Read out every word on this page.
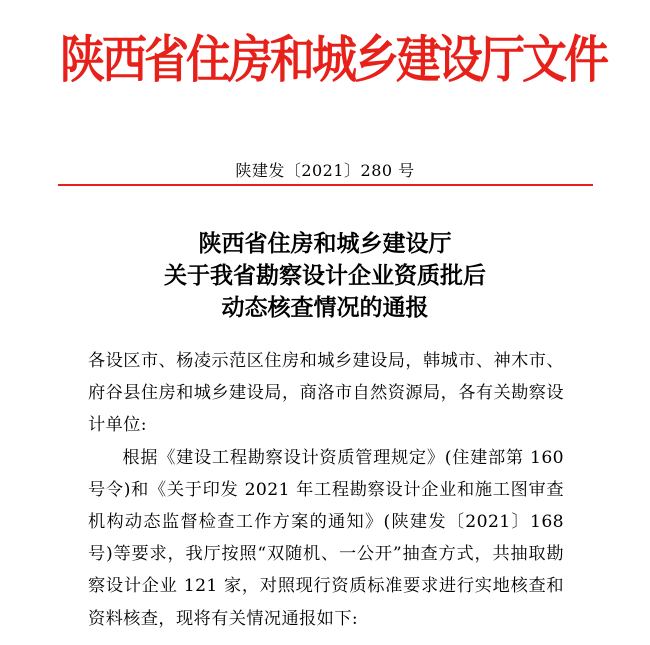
陕西省住房和城乡建设厅文件
陕建发〔2021〕280 号
陕西省住房和城乡建设厅
关于我省勘察设计企业资质批后
动态核查情况的通报

各设区市、杨凌示范区住房和城乡建设局，韩城市、神木市、府谷县住房和城乡建设局，商洛市自然资源局，各有关勘察设计单位:

根据《建设工程勘察设计资质管理规定》(住建部第 160 号令)和《关于印发 2021 年工程勘察设计企业和施工图审查机构动态监督检查工作方案的通知》(陕建发〔2021〕168 号)等要求，我厅按照“双随机、一公开”抽查方式，共抽取勘察设计企业 121 家，对照现行资质标准要求进行实地核查和资料核查，现将有关情况通报如下:
